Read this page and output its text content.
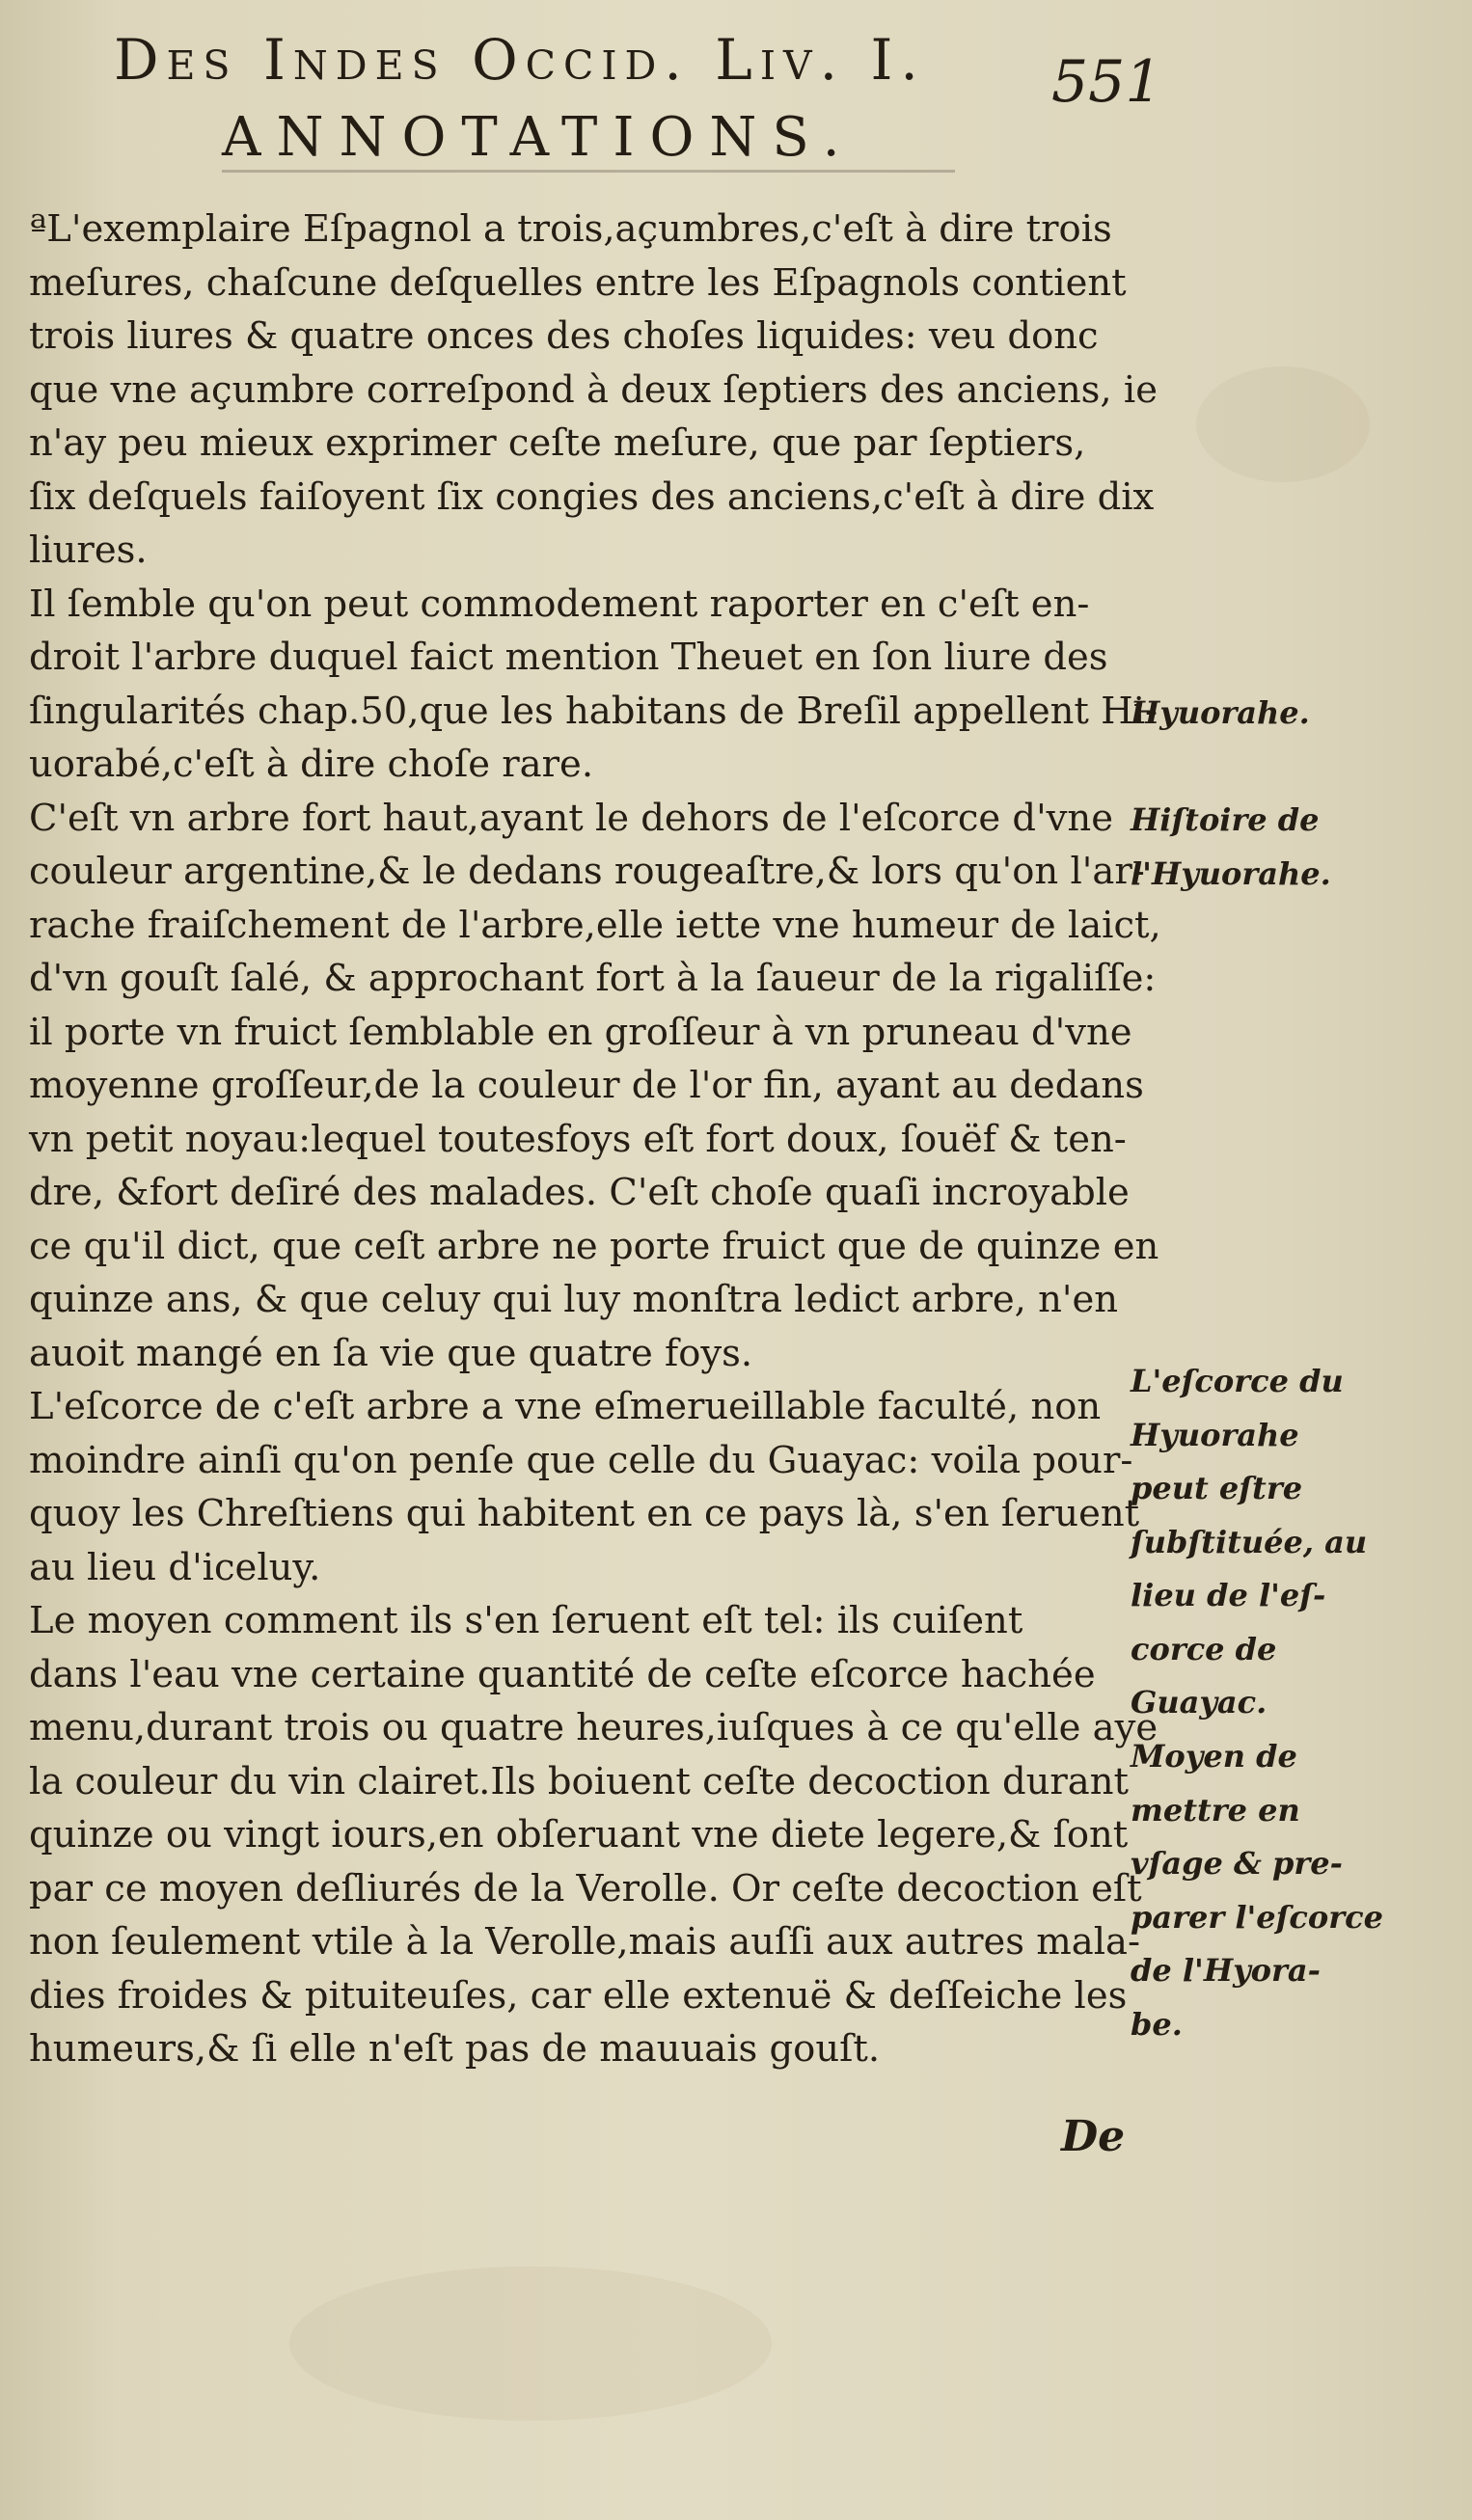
Des Indes Occid. Liv. I.	551
ANNOTATIONS.
ªL'exemplaire Eſpagnol a trois,açumbres,c'eſt à dire trois
meſures, chaſcune deſquelles entre les Eſpagnols contient
trois liures & quatre onces des choſes liquides: veu donc
que vne açumbre correſpond à deux ſeptiers des anciens, ie
n'ay peu mieux exprimer ceſte meſure, que par ſeptiers,
ſix deſquels faiſoyent ſix congies des anciens,c'eſt à dire dix
liures.
Il ſemble qu'on peut commodement raporter en c'eſt en-
droit l'arbre duquel faict mention Theuet en ſon liure des
ſingularités chap.50,que les habitans de Breſil appellent Hi-
uorabé,c'eſt à dire choſe rare.
C'eſt vn arbre fort haut,ayant le dehors de l'eſcorce d'vne
couleur argentine,& le dedans rougeaſtre,& lors qu'on l'ar-
rache fraiſchement de l'arbre,elle iette vne humeur de laict,
d'vn gouſt ſalé, & approchant fort à la ſaueur de la rigaliſſe:
il porte vn fruict ſemblable en groſſeur à vn pruneau d'vne
moyenne groſſeur,de la couleur de l'or fin, ayant au dedans
vn petit noyau:lequel toutesfoys eſt fort doux, ſouëf & ten-
dre, &fort deſiré des malades. C'eſt choſe quaſi incroyable
ce qu'il dict, que ceſt arbre ne porte fruict que de quinze en
quinze ans, & que celuy qui luy monſtra ledict arbre, n'en
auoit mangé en ſa vie que quatre foys.
L'eſcorce de c'eſt arbre a vne eſmerueillable faculté, non
moindre ainſi qu'on penſe que celle du Guayac: voila pour-
quoy les Chreſtiens qui habitent en ce pays là, s'en ſeruent
au lieu d'iceluy.
Le moyen comment ils s'en ſeruent eſt tel: ils cuiſent
dans l'eau vne certaine quantité de ceſte eſcorce hachée
menu,durant trois ou quatre heures,iuſques à ce qu'elle aye
la couleur du vin clairet.Ils boiuent ceſte decoction durant
quinze ou vingt iours,en obſeruant vne diete legere,& ſont
par ce moyen deſliurés de la Verolle. Or ceſte decoction eſt
non ſeulement vtile à la Verolle,mais auſſi aux autres mala-
dies froides & pituiteuſes, car elle extenuë & deſſeiche les
humeurs,& ſi elle n'eſt pas de mauuais gouſt.
Hyuorahe.
Hiſtoire de
l'Hyuorahe.
L'eſcorce du
Hyuorahe
peut eſtre
ſubſtituée, au
lieu de l'eſ-
corce de
Guayac.
Moyen de
mettre en
vſage & pre-
parer l'eſcorce
de l'Hyora-
be.
De
